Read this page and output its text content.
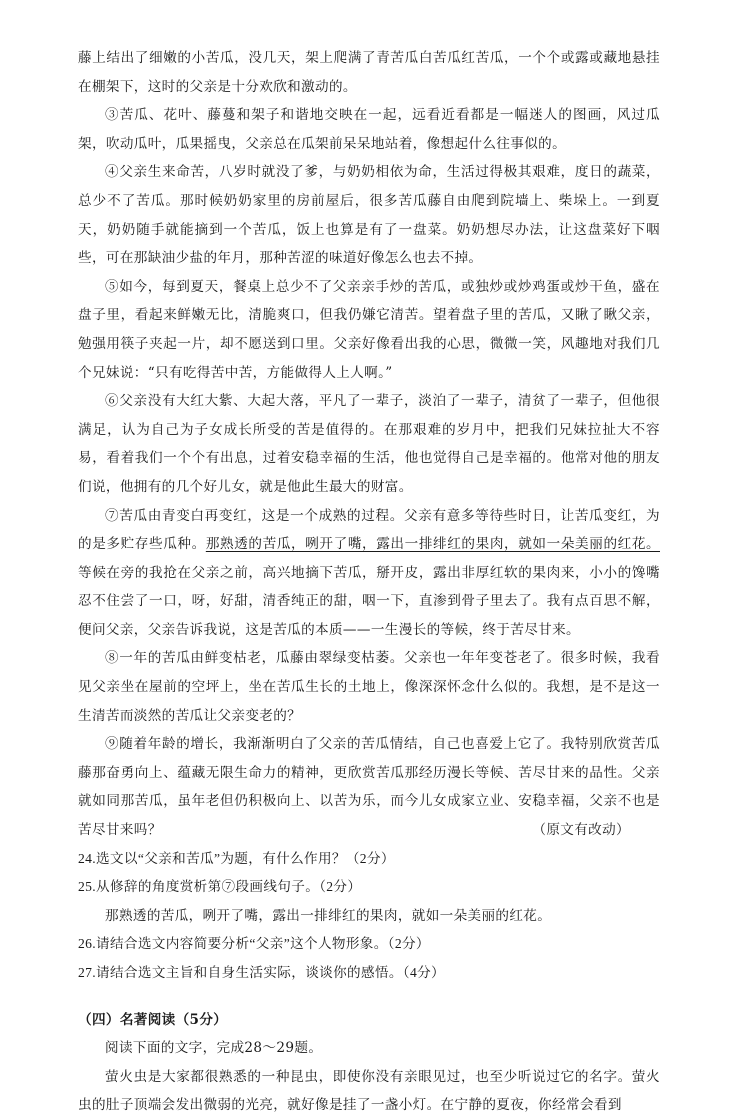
藤上结出了细嫩的小苦瓜，没几天，架上爬满了青苦瓜白苦瓜红苦瓜，一个个或露或藏地悬挂在棚架下，这时的父亲是十分欢欣和激动的。

③苦瓜、花叶、藤蔓和架子和谐地交映在一起，远看近看都是一幅迷人的图画，风过瓜架，吹动瓜叶，瓜果摇曳，父亲总在瓜架前呆呆地站着，像想起什么往事似的。

④父亲生来命苦，八岁时就没了爹，与奶奶相依为命，生活过得极其艰难，度日的蔬菜，总少不了苦瓜。那时候奶奶家里的房前屋后，很多苦瓜藤自由爬到院墙上、柴垛上。一到夏天，奶奶随手就能摘到一个苦瓜，饭上也算是有了一盘菜。奶奶想尽办法，让这盘菜好下咽些，可在那缺油少盐的年月，那种苦涩的味道好像怎么也去不掉。

⑤如今，每到夏天，餐桌上总少不了父亲亲手炒的苦瓜，或独炒或炒鸡蛋或炒干鱼，盛在盘子里，看起来鲜嫩无比，清脆爽口，但我仍嫌它清苦。望着盘子里的苦瓜，又瞅了瞅父亲，勉强用筷子夹起一片，却不愿送到口里。父亲好像看出我的心思，微微一笑，风趣地对我们几个兄妹说：“只有吃得苦中苦，方能做得人上人啊。”

⑥父亲没有大红大紫、大起大落，平凡了一辈子，淡泊了一辈子，清贫了一辈子，但他很满足，认为自己为子女成长所受的苦是值得的。在那艰难的岁月中，把我们兄妹拉扯大不容易，看着我们一个个有出息，过着安稳幸福的生活，他也觉得自己是幸福的。他常对他的朋友们说，他拥有的几个好儿女，就是他此生最大的财富。

⑦苦瓜由青变白再变红，这是一个成熟的过程。父亲有意多等待些时日，让苦瓜变红，为的是多贮存些瓜种。那熟透的苦瓜，咧开了嘴，露出一排绯红的果肉，就如一朵美丽的红花。等候在旁的我抢在父亲之前，高兴地摘下苦瓜，掰开皮，露出非厚红软的果肉来，小小的馋嘴忍不住尝了一口，呀，好甜，清香纯正的甜，咽一下，直渗到骨子里去了。我有点百思不解，便问父亲，父亲告诉我说，这是苦瓜的本质——一生漫长的等候，终于苦尽甘来。

⑧一年的苦瓜由鲜变枯老，瓜藤由翠绿变枯萎。父亲也一年年变苍老了。很多时候，我看见父亲坐在屋前的空坪上，坐在苦瓜生长的土地上，像深深怀念什么似的。我想，是不是这一生清苦而淡然的苦瓜让父亲变老的？

⑨随着年龄的增长，我渐渐明白了父亲的苦瓜情结，自己也喜爱上它了。我特别欣赏苦瓜藤那奋勇向上、蕴藏无限生命力的精神，更欣赏苦瓜那经历漫长等候、苦尽甘来的品性。父亲就如同那苦瓜，虽年老但仍积极向上、以苦为乐，而今儿女成家立业、安稳幸福，父亲不也是苦尽甘来吗？	（原文有改动）

24.选文以“父亲和苦瓜”为题，有什么作用？（2分）

25.从修辞的角度赏析第⑦段画线句子。（2分）

那熟透的苦瓜，咧开了嘴，露出一排绯红的果肉，就如一朵美丽的红花。

26.请结合选文内容简要分析“父亲”这个人物形象。（2分）

27.请结合选文主旨和自身生活实际，谈谈你的感悟。（4分）

（四）名著阅读（5分）

阅读下面的文字，完成28～29题。

萤火虫是大家都很熟悉的一种昆虫，即使你没有亲眼见过，也至少听说过它的名字。萤火虫的肚子顶端会发出微弱的光亮，就好像是挂了一盏小灯。在宁静的夏夜，你经常会看到
